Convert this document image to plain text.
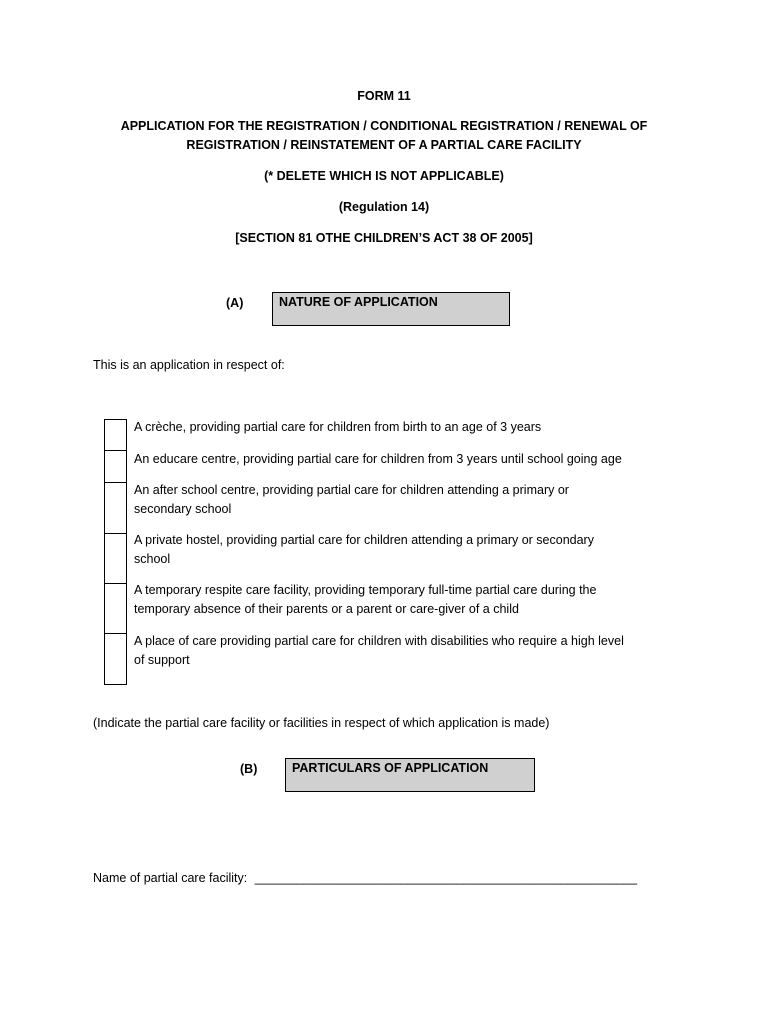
FORM 11
APPLICATION FOR THE REGISTRATION / CONDITIONAL REGISTRATION / RENEWAL OF
REGISTRATION / REINSTATEMENT OF A PARTIAL CARE FACILITY
(* DELETE WHICH IS NOT APPLICABLE)
(Regulation 14)
[SECTION 81 OTHE CHILDREN’S ACT 38 OF 2005]
(A)	NATURE OF APPLICATION
This is an application in respect of:
A crèche, providing partial care for children from birth to an age of 3 years
An educare centre, providing partial care for children from 3 years until school going age
An after school centre, providing partial care for children attending a primary or
secondary school
A private hostel, providing partial care for children attending a primary or secondary
school
A temporary respite care facility, providing temporary full-time partial care during the
temporary absence of their parents or a parent or care-giver of a child
A place of care providing partial care for children with disabilities who require a high level
of support
(Indicate the partial care facility or facilities in respect of which application is made)
(B)	PARTICULARS OF APPLICATION
Name of partial care facility: _______________________________________________________
